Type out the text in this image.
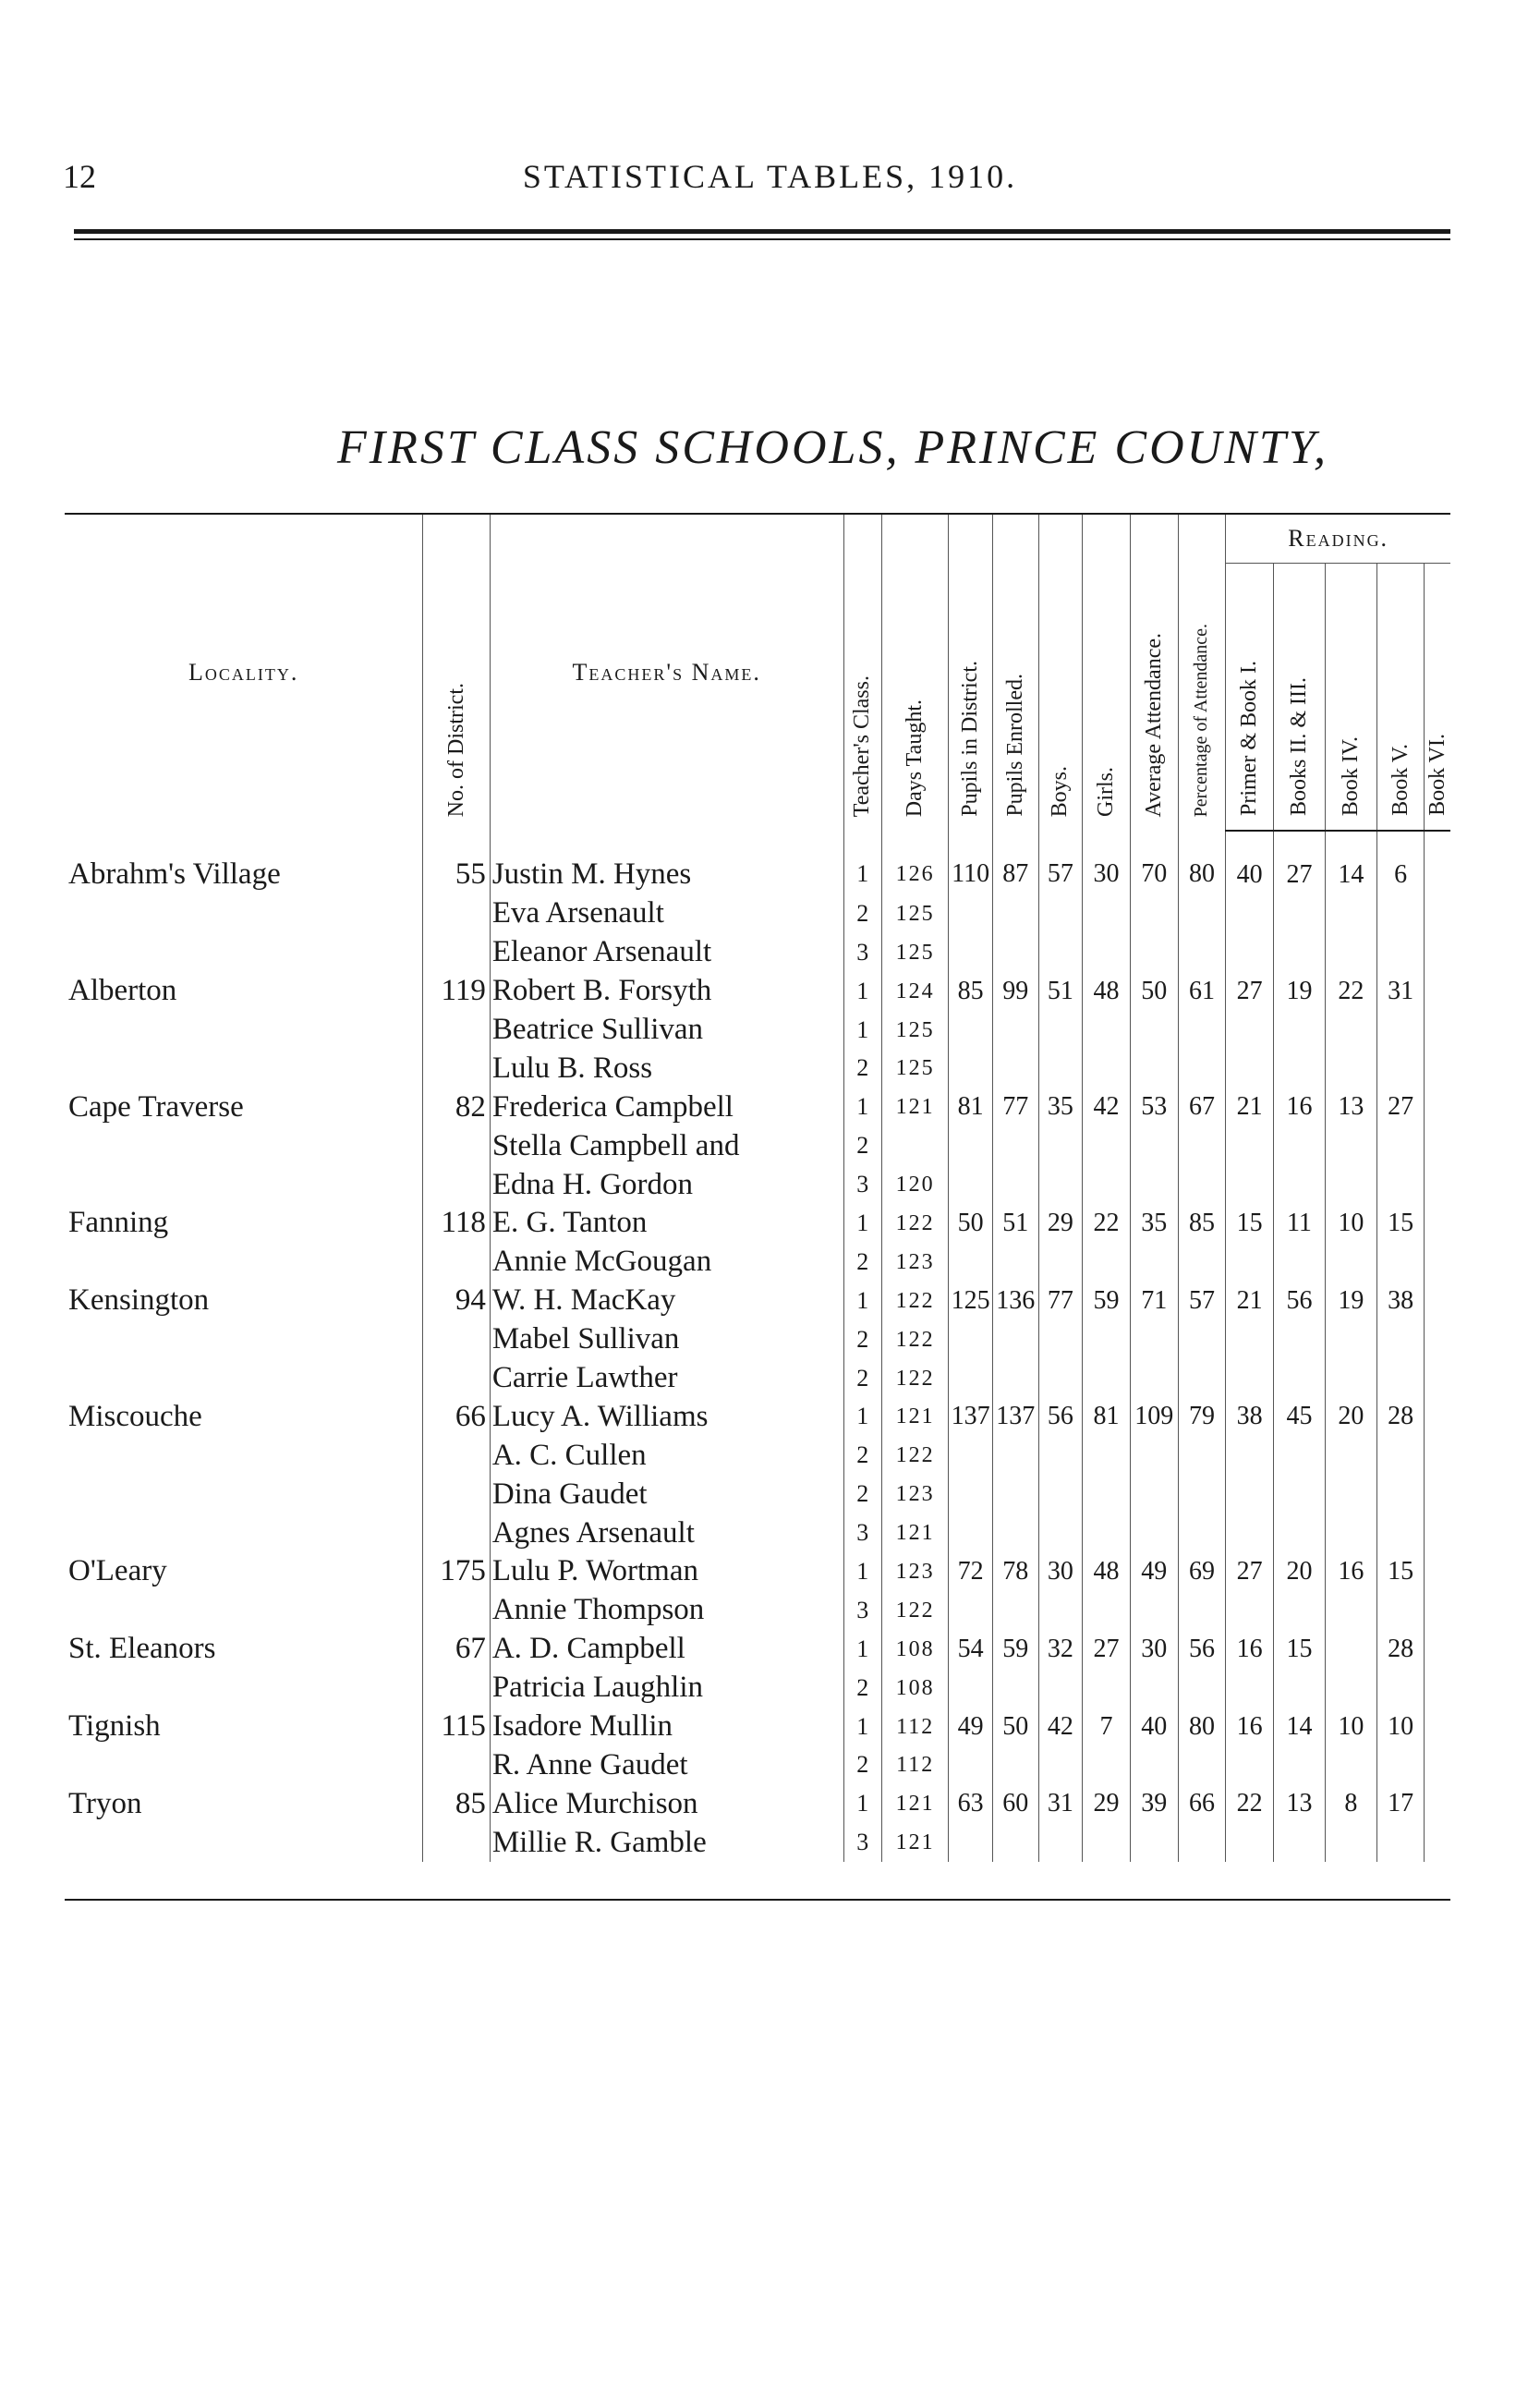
12	STATISTICAL TABLES, 1910.
FIRST CLASS SCHOOLS, PRINCE COUNTY,
Locality.	No. of District.	Teacher's Name.	Teacher's Class.	Days Taught.	Pupils in District.	Pupils Enrolled.	Boys.	Girls.	Average Attendance.	Percentage of Attendance.	Reading.				
											Primer & Book I.	Books II. & III.	Book IV.	Book V.	Book VI.
Abrahm's Village	55	Justin M. Hynes	1	126	110	87	57	30	70	80	40	27	14	6	
		Eva Arsenault	2	125											
		Eleanor Arsenault	3	125											
Alberton	119	Robert B. Forsyth	1	124	85	99	51	48	50	61	27	19	22	31	
		Beatrice Sullivan	1	125											
		Lulu B. Ross	2	125											
Cape Traverse	82	Frederica Campbell	1	121	81	77	35	42	53	67	21	16	13	27	
		Stella Campbell and	2												
		Edna H. Gordon	3	120											
Fanning	118	E. G. Tanton	1	122	50	51	29	22	35	85	15	11	10	15	
		Annie McGougan	2	123											
Kensington	94	W. H. MacKay	1	122	125	136	77	59	71	57	21	56	19	38	
		Mabel Sullivan	2	122											
		Carrie Lawther	2	122											
Miscouche	66	Lucy A. Williams	1	121	137	137	56	81	109	79	38	45	20	28	
		A. C. Cullen	2	122											
		Dina Gaudet	2	123											
		Agnes Arsenault	3	121											
O'Leary	175	Lulu P. Wortman	1	123	72	78	30	48	49	69	27	20	16	15	
		Annie Thompson	3	122											
St. Eleanors	67	A. D. Campbell	1	108	54	59	32	27	30	56	16	15		28	
		Patricia Laughlin	2	108											
Tignish	115	Isadore Mullin	1	112	49	50	42	7	40	80	16	14	10	10	
		R. Anne Gaudet	2	112											
Tryon	85	Alice Murchison	1	121	63	60	31	29	39	66	22	13	8	17	
		Millie R. Gamble	3	121											
